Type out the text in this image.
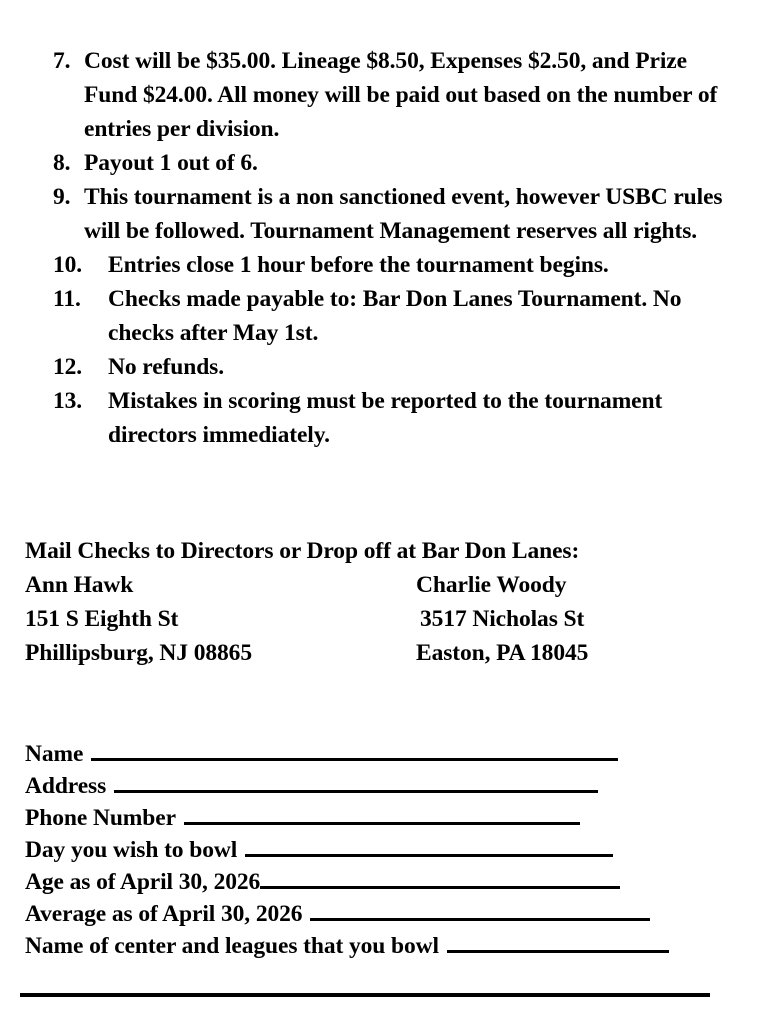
7. Cost will be $35.00. Lineage $8.50, Expenses $2.50, and Prize Fund $24.00. All money will be paid out based on the number of entries per division.
8. Payout 1 out of 6.
9. This tournament is a non sanctioned event, however USBC rules will be followed. Tournament Management reserves all rights.
10.	Entries close 1 hour before the tournament begins.
11.	Checks made payable to: Bar Don Lanes Tournament. No checks after May 1st.
12.	No refunds.
13.	Mistakes in scoring must be reported to the tournament directors immediately.
Mail Checks to Directors or Drop off at Bar Don Lanes:
Ann Hawk	Charlie Woody
151 S Eighth St	3517 Nicholas St
Phillipsburg, NJ 08865	Easton, PA 18045
Name
Address
Phone Number
Day you wish to bowl
Age as of April 30, 2026
Average as of April 30, 2026
Name of center and leagues that you bowl
